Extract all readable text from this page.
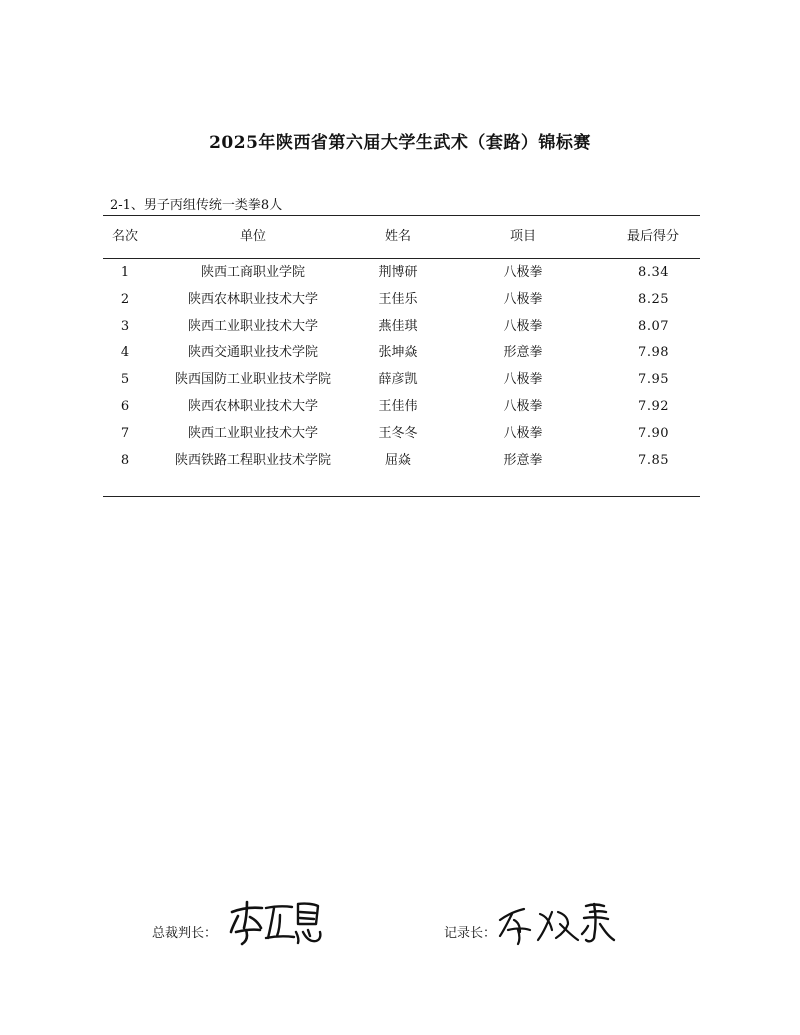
2025年陕西省第六届大学生武术（套路）锦标赛
2-1、男子丙组传统一类拳8人
名次	单位	姓名	项目	最后得分
1	陕西工商职业学院	荆博研	八极拳	8.34
2	陕西农林职业技术大学	王佳乐	八极拳	8.25
3	陕西工业职业技术大学	燕佳琪	八极拳	8.07
4	陕西交通职业技术学院	张坤焱	形意拳	7.98
5	陕西国防工业职业技术学院	薛彦凯	八极拳	7.95
6	陕西农林职业技术大学	王佳伟	八极拳	7.92
7	陕西工业职业技术大学	王冬冬	八极拳	7.90
8	陕西铁路工程职业技术学院	屈焱	形意拳	7.85
总裁判长：	记录长：
